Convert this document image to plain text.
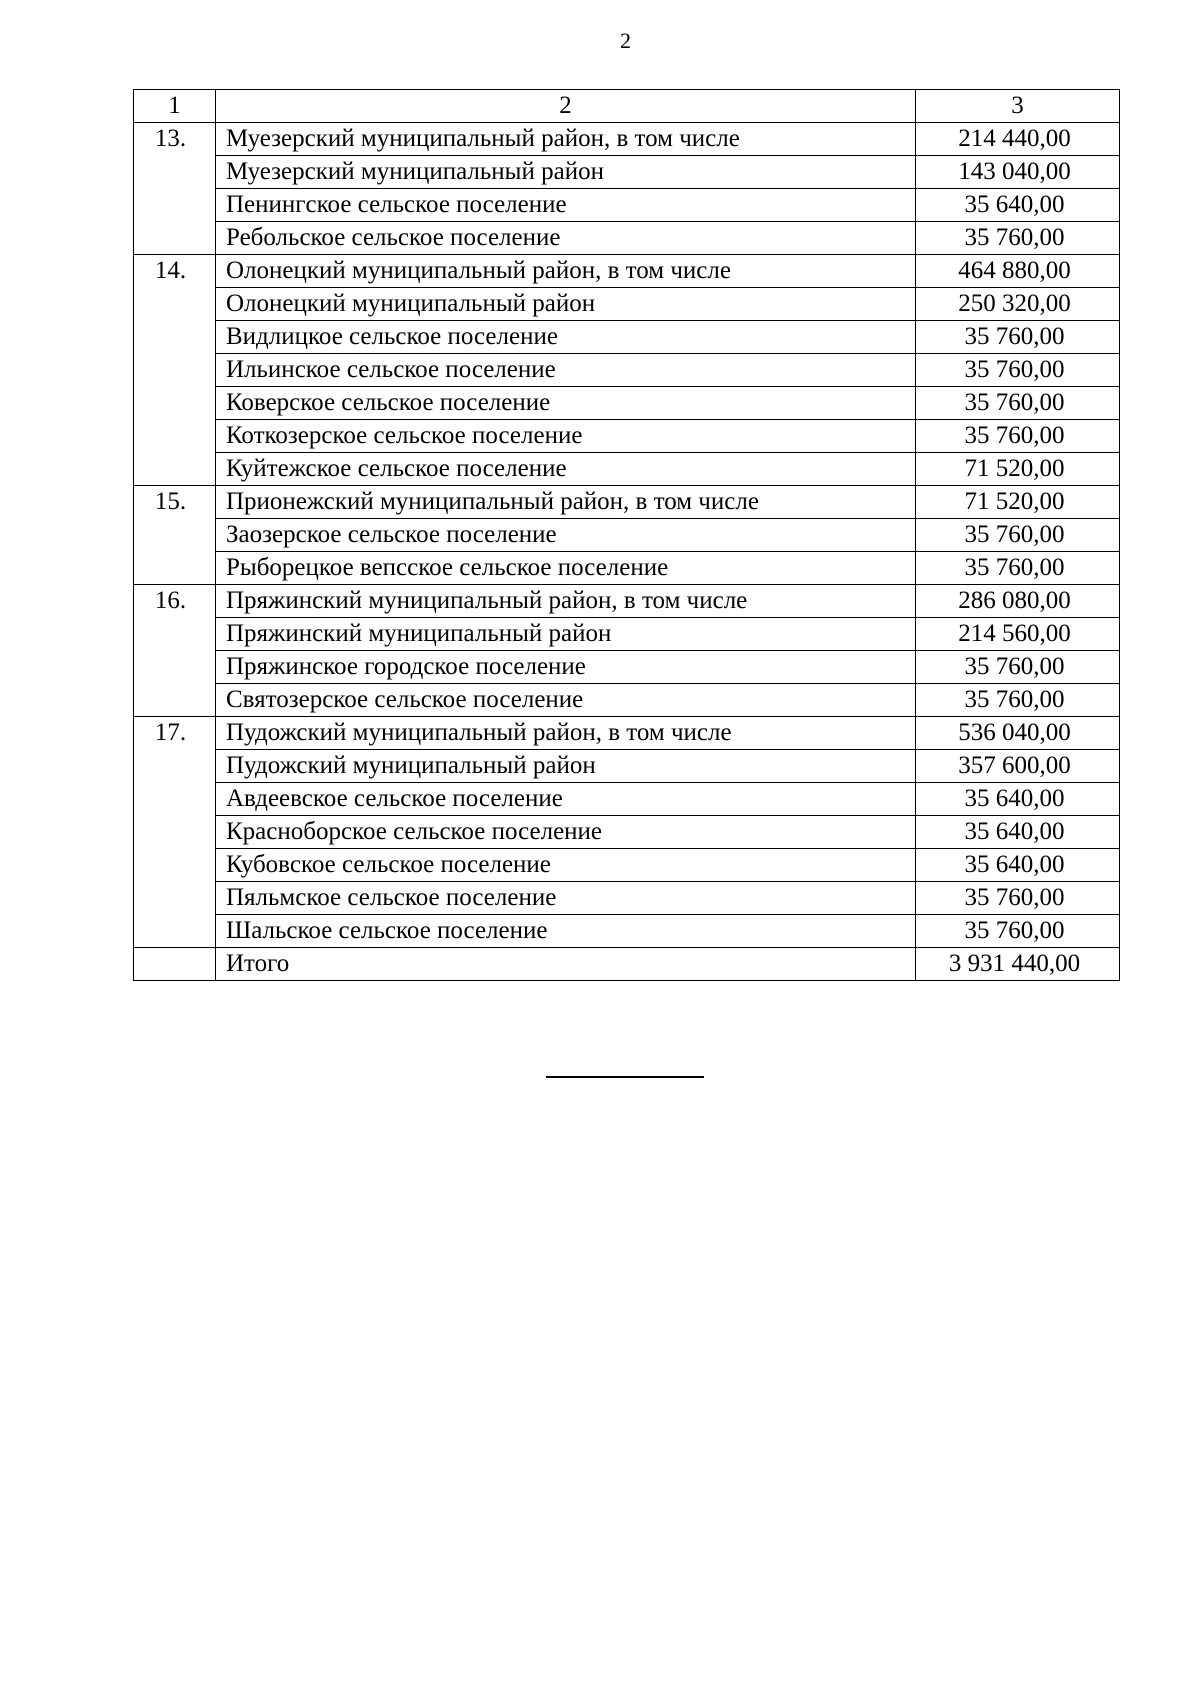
2
1	2	3
13.	Муезерский муниципальный район, в том числе	214 440,00
	Муезерский муниципальный район	143 040,00
	Пенингское сельское поселение	35 640,00
	Ребольское сельское поселение	35 760,00
14.	Олонецкий муниципальный район, в том числе	464 880,00
	Олонецкий муниципальный район	250 320,00
	Видлицкое сельское поселение	35 760,00
	Ильинское сельское поселение	35 760,00
	Коверское сельское поселение	35 760,00
	Коткозерское сельское поселение	35 760,00
	Куйтежское сельское поселение	71 520,00
15.	Прионежский муниципальный район, в том числе	71 520,00
	Заозерское сельское поселение	35 760,00
	Рыборецкое вепсское сельское поселение	35 760,00
16.	Пряжинский муниципальный район, в том числе	286 080,00
	Пряжинский муниципальный район	214 560,00
	Пряжинское городское поселение	35 760,00
	Святозерское сельское поселение	35 760,00
17.	Пудожский муниципальный район, в том числе	536 040,00
	Пудожский муниципальный район	357 600,00
	Авдеевское сельское поселение	35 640,00
	Красноборское сельское поселение	35 640,00
	Кубовское сельское поселение	35 640,00
	Пяльмское сельское поселение	35 760,00
	Шальское сельское поселение	35 760,00
	Итого	3 931 440,00
